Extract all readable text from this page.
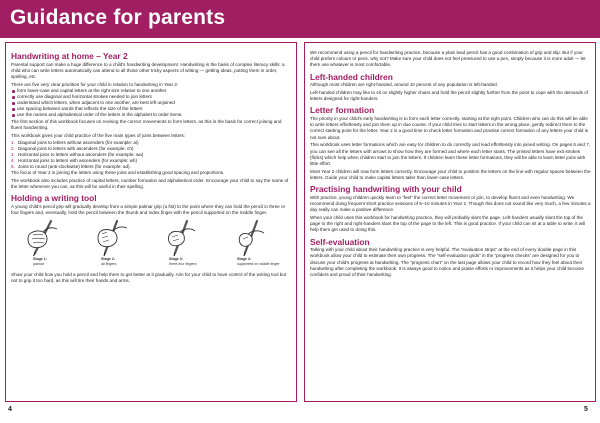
Guidance for parents
Handwriting at home – Year 2

Parental support can make a huge difference to a child's handwriting development. Handwriting is the basis of complex literacy skills: a child who can write letters automatically can attend to all those other tricky aspects of writing — getting ideas, putting them in order, spelling, etc.

There are five very clear priorities for your child in relation to handwriting in Year 2:

form lower-case and capital letters at the right size relative to one another
correctly use diagonal and horizontal strokes needed to join letters
understand which letters, when adjacent to one another, are best left unjoined
use spacing between words that reflects the size of the letters
use the names and alphabetical order of the letters in the alphabet to order items.

The first section of this workbook focuses on revising the correct movements to form letters, as this is the basis for correct joining and fluent handwriting.

This workbook gives your child practice of the five main types of joins between letters:

1. Diagonal joins to letters without ascenders (for example: ai)
2. Diagonal joins to letters with ascenders (for example: ch)
3. Horizontal joins to letters without ascenders (for example: wa)
4. Horizontal joins to letters with ascenders (for example: wh)
5. Joins to round (anti-clockwise) letters (for example: ad).

The focus of Year 2 is joining the letters using these joins and establishing good spacing and proportions.

The workbook also includes practice of capital letters, number formation and alphabetical order. Encourage your child to say the name of the letter whenever you can, as this will be useful in their spelling.

Holding a writing tool

A young child's pencil grip will gradually develop from a simple palmar grip (a fist) to the point where they can hold the pencil in three or four fingers and, eventually, hold the pencil between the thumb and index finger with the pencil supported on the middle finger.

Stage 1:
palmar
Stage 2:
all fingers
Stage 3:
three-four fingers
Stage 4:
supported on middle finger

Show your child how you hold a pencil and help them to get better at it gradually. Aim for your child to have control of the writing tool but not to grip it too hard, as this will tire their hands and arms.

We recommend using a pencil for handwriting practice, because a plain lead pencil has a good combination of grip and slip. But if your child prefers colours or pens, why not? Make sure your child does not feel pressured to use a pen, simply because it is more adult — let them use whatever is most comfortable.

Left-handed children

Although most children are right-handed, around 10 percent of any population is left-handed.

Left-handed children may like to sit on slightly higher chairs and hold the pencil slightly further from the point to cope with the demands of letters designed for right-handers.

Letter formation

The priority in your child's early handwriting is to form each letter correctly, starting at the right point. Children who can do this will be able to write letters effortlessly and join them up in due course. If your child tries to start letters in the wrong place, gently redirect them to the correct starting point for the letter. Year 2 is a good time to check letter formation and practise correct formation of any letters your child is not sure about.

This workbook uses letter formations which are easy for children to do correctly and lead effortlessly into joined writing. On pages 6 and 7, you can see all the letters with arrows to show how they are formed and where each letter starts. The printed letters have exit strokes (flicks) which help when children start to join the letters. If children learn these letter formations, they will be able to learn letter joins with little effort.

Most Year 2 children will now form letters correctly. Encourage your child to position the letters on the line with regular spaces between the letters. Guide your child to make capital letters taller than lower-case letters.

Practising handwriting with your child

With practice, young children quickly learn to “feel” the correct letter movement or join, to develop fluent and even handwriting. We recommend doing frequent short practice sessions of 5–10 minutes in Year 2. Though this does not sound like very much, a few minutes a day really can make a positive difference.

When your child uses this workbook for handwriting practice, they will probably slant the page. Left-handers usually slant the top of the page to the right and right-handers slant the top of the page to the left. This is good practice. If your child can sit at a table to write, it will help them get used to doing this.

Self-evaluation

Talking with your child about their handwriting practice is very helpful. The “evaluation strips” at the end of every double page in this workbook allow your child to estimate their own progress. The “self-evaluation grids” in the “progress checks” are designed for you to discuss your child's progress at handwriting. The “progress chart” on the last page allows your child to record how they feel about their handwriting after completing the workbook. It is always good to notice and praise efforts or improvements as it helps your child become confident and proud of their handwriting.

4	5
